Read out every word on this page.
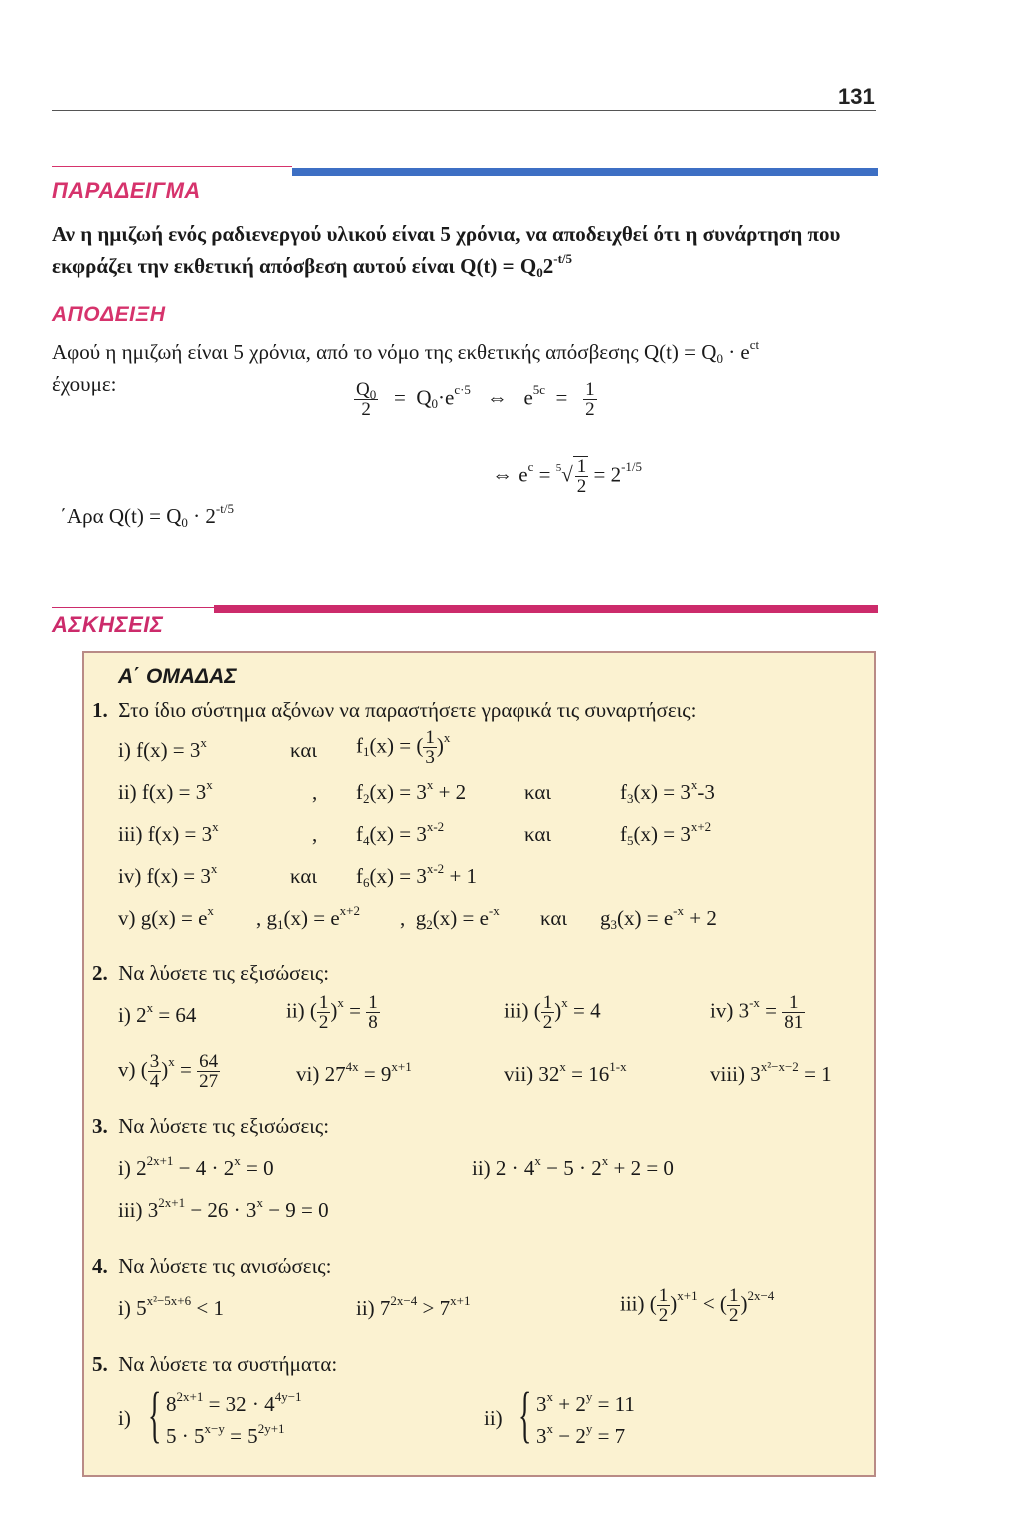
131
ΠΑΡΑΔΕΙΓΜΑ
Αν η ημιζωή ενός ραδιενεργού υλικού είναι 5 χρόνια, να αποδειχθεί ότι η συνάρτηση που
εκφράζει την εκθετική απόσβεση αυτού είναι $Q(t) = Q_02^{-t/5}$
ΑΠΟΔΕΙΞΗ
Αφού η ημιζωή είναι 5 χρόνια, από το νόμο της εκθετικής απόσβεσης $Q(t) = Q_0 \cdot e^{ct}$
έχουμε:	$\frac{Q_0}{2} = Q_0\cdot e^{c\cdot 5}$   ⇔   $e^{5c} = \frac{1}{2}$
⇔ $e^c = ^5√ \frac{1}{2} = 2^{-1/5}$
΄Αρα $Q(t) = Q_0 \cdot 2^{-t/5}$
ΑΣΚΗΣΕΙΣ
Α΄ ΟΜΑΔΑΣ
1. Στο ίδιο σύστημα αξόνων να παραστήσετε γραφικά τις συναρτήσεις:
i) $f(x) = 3^x$	και $f_1(x)$ = ( $\frac{1}{3} )^x$
ii) $f(x) = 3^x$	, $f_2(x) = 3^x + 2$	και	$f_3(x) = 3^x-3$
iii) $f(x) = 3^x$	, $f_4(x) = 3^{x-2}$	και	$f_5(x) = 3^{x+2}$
iv) $f(x) = 3^x$	και $f_6(x) = 3^{x-2} + 1$
v) $g(x) = e^x$ , $g_1(x) = e^{x+2}$ ,  $g_2(x) = e^{-x}$ και $g_3(x) = e^{-x} + 2$
2. Να λύσετε τις εξισώσεις:
i) $2^x = 64$	ii) ( $\frac{1}{2} )^x = \frac{1}{8}$	iii) ( $\frac{1}{2} )^x = 4$	iv) $3^{-x} = \frac{1}{81}$
v) ( $\frac{3}{4} )^x = \frac{64}{27}$	vi) $27^{4x} = 9^{x+1}$	vii) $32^x = 16^{1-x}$	viii) $3^{x^2-x-2} = 1$
3. Να λύσετε τις εξισώσεις:
i) $2^{2x+1} - 4 \cdot 2^x = 0$	ii) $2 \cdot 4^x - 5 \cdot 2^x + 2 = 0$
iii) $3^{2x+1} - 26 \cdot 3^x - 9 = 0$
4. Να λύσετε τις ανισώσεις:
i) $5^{x^2-5x+6} < 1$	ii) $7^{2x-4} > 7^{x+1}$	iii) ( $\frac{1}{2} )^{x+1}$ < ( $\frac{1}{2} )^{2x-4}$
5. Να λύσετε τα συστήματα:
i) { $8^{2x+1} = 32 \cdot 4^{4y-1}$
$5 \cdot 5^{x-y} = 5^{2y+1}$	ii) { $3^x + 2^y = 11$
$3^x - 2^y = 7$
